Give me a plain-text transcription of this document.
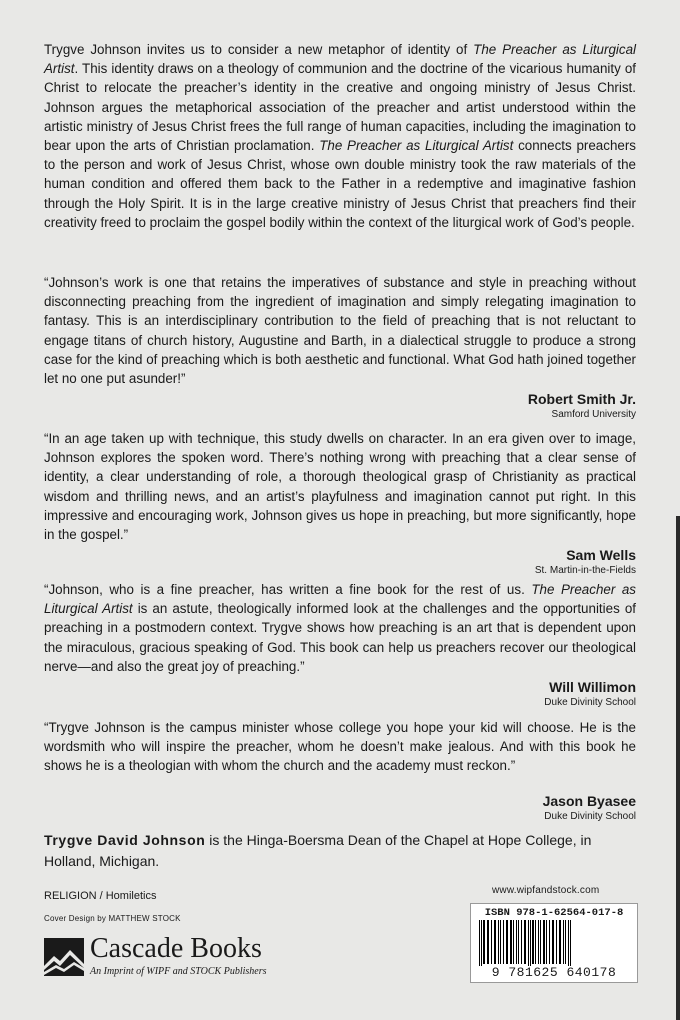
Trygve Johnson invites us to consider a new metaphor of identity of The Preacher as Liturgical Artist. This identity draws on a theology of communion and the doctrine of the vicarious humanity of Christ to relocate the preacher’s identity in the creative and ongoing ministry of Jesus Christ. Johnson argues the metaphorical association of the preacher and artist understood within the artistic ministry of Jesus Christ frees the full range of human capacities, including the imagination to bear upon the arts of Christian proclamation. The Preacher as Liturgical Artist connects preachers to the person and work of Jesus Christ, whose own double ministry took the raw materials of the human condition and offered them back to the Father in a redemptive and imaginative fashion through the Holy Spirit. It is in the large creative ministry of Jesus Christ that preachers find their creativity freed to proclaim the gospel bodily within the context of the liturgical work of God’s people.

“Johnson’s work is one that retains the imperatives of substance and style in preaching without disconnecting preaching from the ingredient of imagination and simply relegating imagination to fantasy. This is an interdisciplinary contribution to the field of preaching that is not reluctant to engage titans of church history, Augustine and Barth, in a dialectical struggle to produce a strong case for the kind of preaching which is both aesthetic and functional. What God hath joined together let no one put asunder!”

Robert Smith Jr.
Samford University

“In an age taken up with technique, this study dwells on character. In an era given over to image, Johnson explores the spoken word. There’s nothing wrong with preaching that a clear sense of identity, a clear understanding of role, a thorough theological grasp of Christianity as practical wisdom and thrilling news, and an artist’s playfulness and imagination cannot put right. In this impressive and encouraging work, Johnson gives us hope in preaching, but more significantly, hope in the gospel.”

Sam Wells
St. Martin-in-the-Fields

“Johnson, who is a fine preacher, has written a fine book for the rest of us. The Preacher as Liturgical Artist is an astute, theologically informed look at the challenges and the opportunities of preaching in a postmodern context. Trygve shows how preaching is an art that is dependent upon the miraculous, gracious speaking of God. This book can help us preachers recover our theological nerve—and also the great joy of preaching.”

Will Willimon
Duke Divinity School

“Trygve Johnson is the campus minister whose college you hope your kid will choose. He is the wordsmith who will inspire the preacher, whom he doesn’t make jealous. And with this book he shows he is a theologian with whom the church and the academy must reckon.”

Jason Byasee
Duke Divinity School

Trygve David Johnson is the Hinga-Boersma Dean of the Chapel at Hope College, in Holland, Michigan.

RELIGION / Homiletics
Cover Design by MATTHEW STOCK
Cascade Books
An Imprint of WIPF and STOCK Publishers
www.wipfandstock.com
ISBN 978-1-62564-017-8
9 781625 640178
